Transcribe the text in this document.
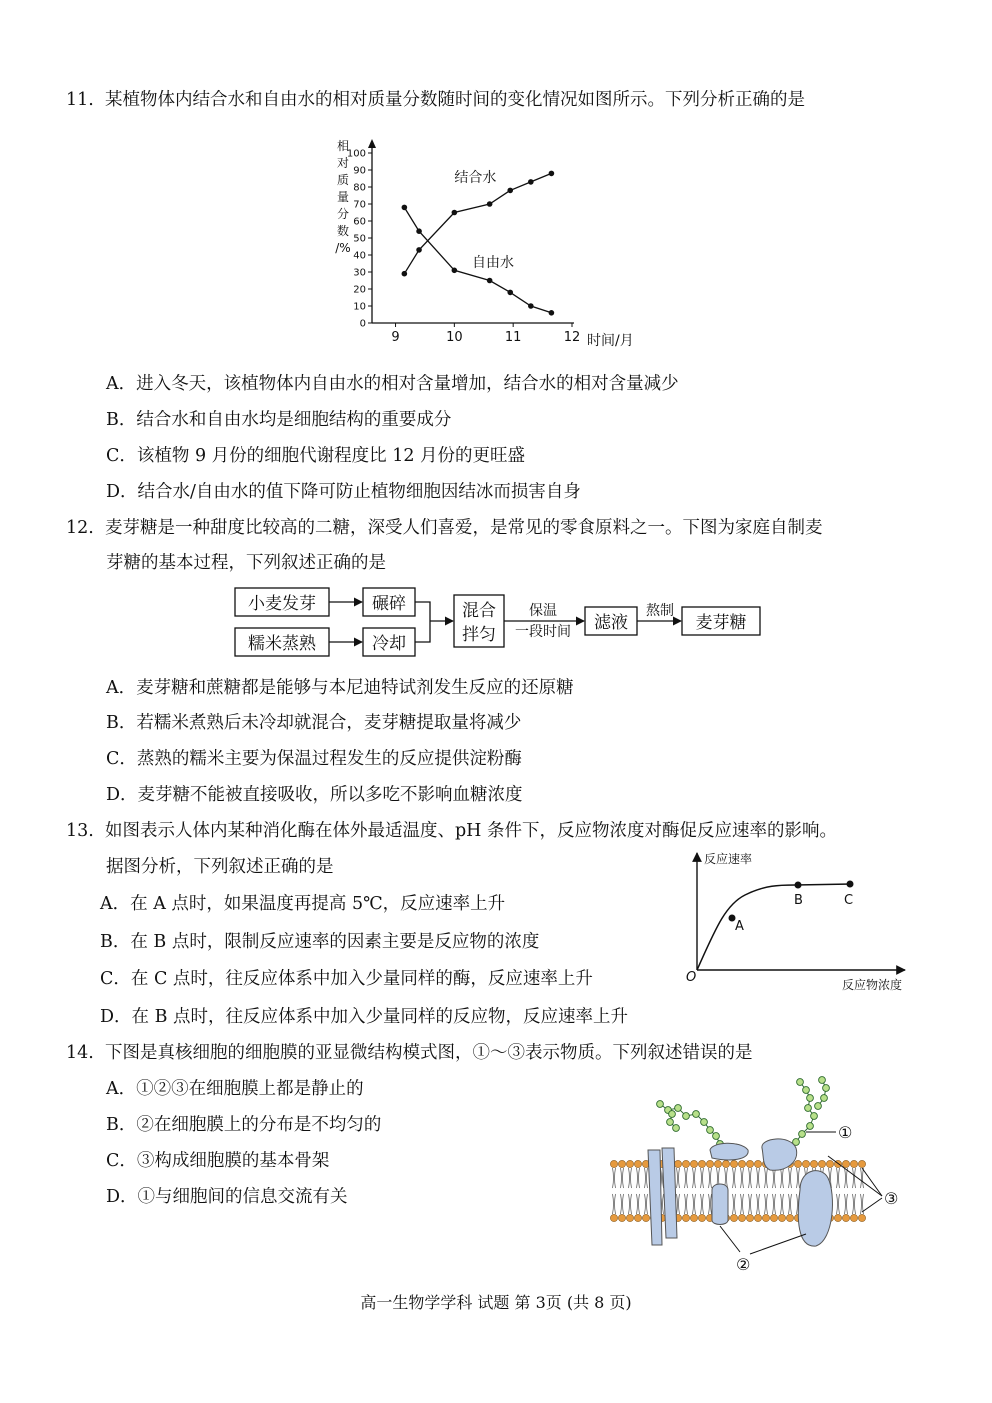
11. 某植物体内结合水和自由水的相对质量分数随时间的变化情况如图所示。下列分析正确的是
0
10
20
30
40
50
60
70
80
90
100
9	10	11	12 时间/月
相
对
质
量
分
数
/%
结合水
自由水
A．进入冬天，该植物体内自由水的相对含量增加，结合水的相对含量减少
B．结合水和自由水均是细胞结构的重要成分
C．该植物 9 月份的细胞代谢程度比 12 月份的更旺盛
D．结合水/自由水的值下降可防止植物细胞因结冰而损害自身
12. 麦芽糖是一种甜度比较高的二糖，深受人们喜爱，是常见的零食原料之一。下图为家庭自制麦
芽糖的基本过程，下列叙述正确的是
小麦发芽	碾碎
糯米蒸熟	冷却
混合
拌匀
滤液	麦芽糖
保温
一段时间
熬制
A．麦芽糖和蔗糖都是能够与本尼迪特试剂发生反应的还原糖
B．若糯米煮熟后未冷却就混合，麦芽糖提取量将减少
C．蒸熟的糯米主要为保温过程发生的反应提供淀粉酶
D．麦芽糖不能被直接吸收，所以多吃不影响血糖浓度
13. 如图表示人体内某种消化酶在体外最适温度、pH 条件下，反应物浓度对酶促反应速率的影响。
据图分析，下列叙述正确的是
A．在 A 点时，如果温度再提高 5℃，反应速率上升
B．在 B 点时，限制反应速率的因素主要是反应物的浓度
C．在 C 点时，往反应体系中加入少量同样的酶，反应速率上升
D．在 B 点时，往反应体系中加入少量同样的反应物，反应速率上升
A
B	C
反应速率
反应物浓度
O
14. 下图是真核细胞的细胞膜的亚显微结构模式图，①～③表示物质。下列叙述错误的是
A．①②③在细胞膜上都是静止的
B．②在细胞膜上的分布是不均匀的
C．③构成细胞膜的基本骨架
D．①与细胞间的信息交流有关
①
③
②
高一生物学学科 试题 第 3页 (共 8 页)
